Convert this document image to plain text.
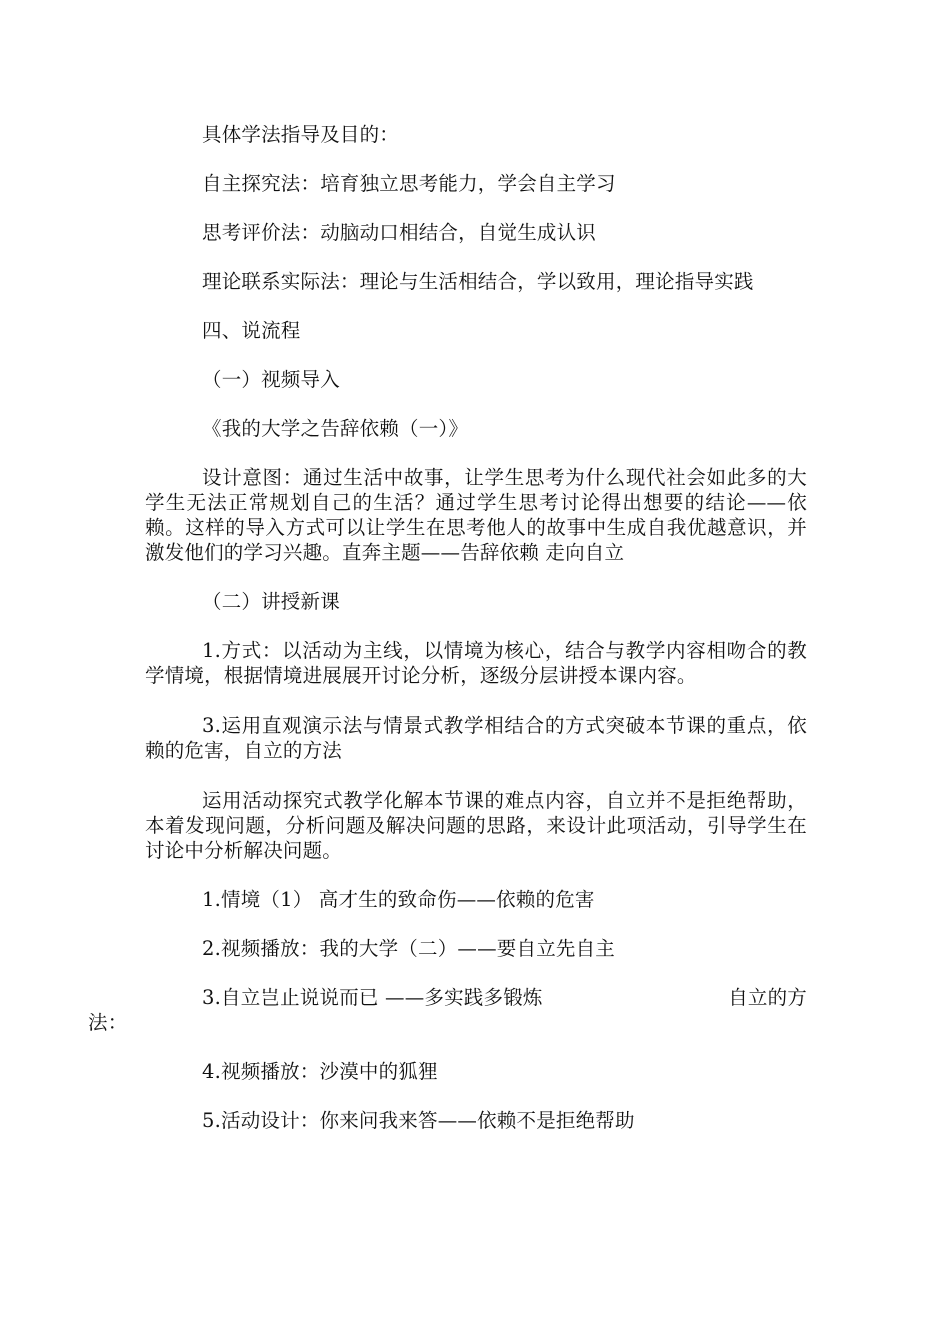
具体学法指导及目的：

自主探究法：培育独立思考能力，学会自主学习

思考评价法：动脑动口相结合，自觉生成认识

理论联系实际法：理论与生活相结合，学以致用，理论指导实践

四、说流程

（一）视频导入

《我的大学之告辞依赖（一）》

设计意图：通过生活中故事，让学生思考为什么现代社会如此多的大学生无法正常规划自己的生活？通过学生思考讨论得出想要的结论——依赖。这样的导入方式可以让学生在思考他人的故事中生成自我优越意识，并激发他们的学习兴趣。直奔主题——告辞依赖 走向自立

（二）讲授新课

1.方式：以活动为主线，以情境为核心，结合与教学内容相吻合的教学情境，根据情境进展展开讨论分析，逐级分层讲授本课内容。

3.运用直观演示法与情景式教学相结合的方式突破本节课的重点，依赖的危害，自立的方法

运用活动探究式教学化解本节课的难点内容，自立并不是拒绝帮助，本着发现问题，分析问题及解决问题的思路，来设计此项活动，引导学生在讨论中分析解决问题。

1.情境（1） 高才生的致命伤——依赖的危害

2.视频播放：我的大学（二）——要自立先自主

3.自立岂止说说而已 ——多实践多锻炼	自立的方
法：

4.视频播放：沙漠中的狐狸

5.活动设计：你来问我来答——依赖不是拒绝帮助
